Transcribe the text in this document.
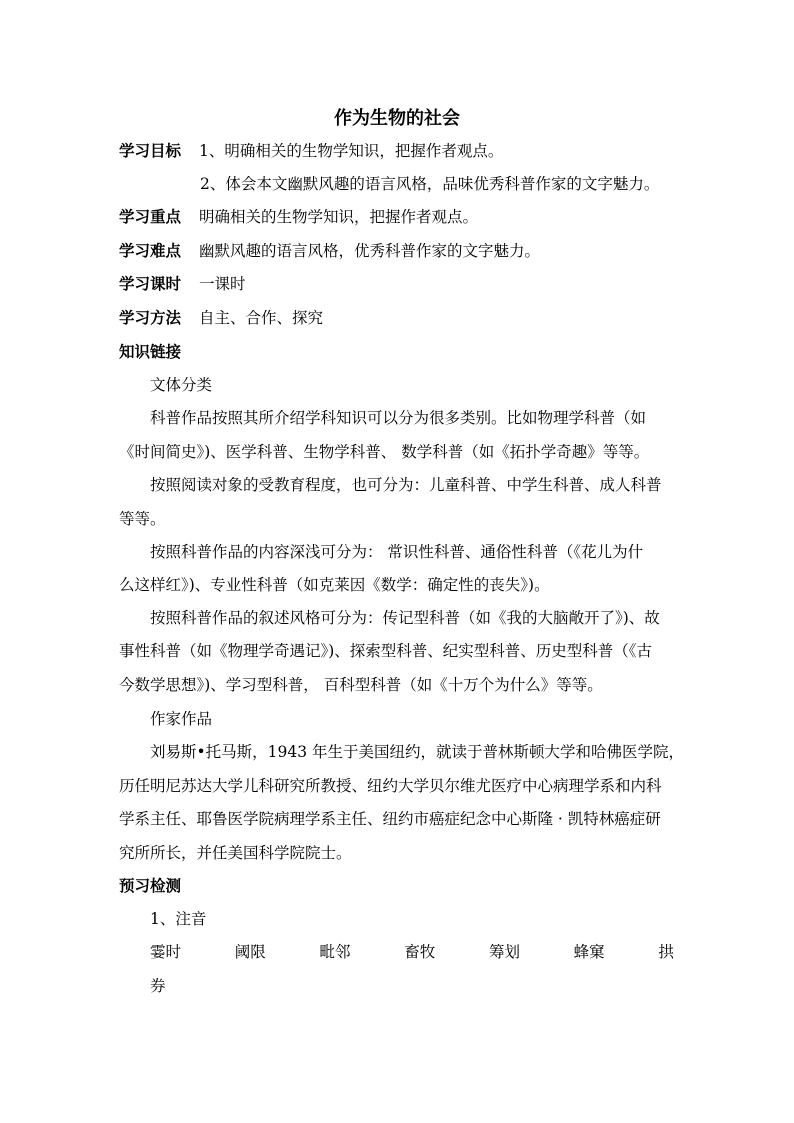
作为生物的社会
学习目标 1、明确相关的生物学知识，把握作者观点。
2、体会本文幽默风趣的语言风格，品味优秀科普作家的文字魅力。
学习重点 明确相关的生物学知识，把握作者观点。
学习难点 幽默风趣的语言风格，优秀科普作家的文字魅力。
学习课时 一课时
学习方法 自主、合作、探究
知识链接
文体分类
科普作品按照其所介绍学科知识可以分为很多类别。比如物理学科普（如
《时间简史》)、医学科普、生物学科普、 数学科普（如《拓扑学奇趣》等等。
按照阅读对象的受教育程度，也可分为：儿童科普、中学生科普、成人科普
等等。
按照科普作品的内容深浅可分为： 常识性科普、通俗性科普（《花儿为什
么这样红》)、专业性科普（如克莱因《数学：确定性的丧失》)。
按照科普作品的叙述风格可分为：传记型科普（如《我的大脑敞开了》)、故
事性科普（如《物理学奇遇记》)、探索型科普、纪实型科普、历史型科普（《古
今数学思想》)、学习型科普， 百科型科普（如《十万个为什么》等等。
作家作品
刘易斯•托马斯，1943 年生于美国纽约，就读于普林斯顿大学和哈佛医学院，
历任明尼苏达大学儿科研究所教授、纽约大学贝尔维尤医疗中心病理学系和内科
学系主任、耶鲁医学院病理学系主任、纽约市癌症纪念中心斯隆 · 凯特林癌症研
究所所长，并任美国科学院院士。
预习检测
1、注音
霎时	阈限	毗邻	畜牧	筹划	蜂窠	拱
券
